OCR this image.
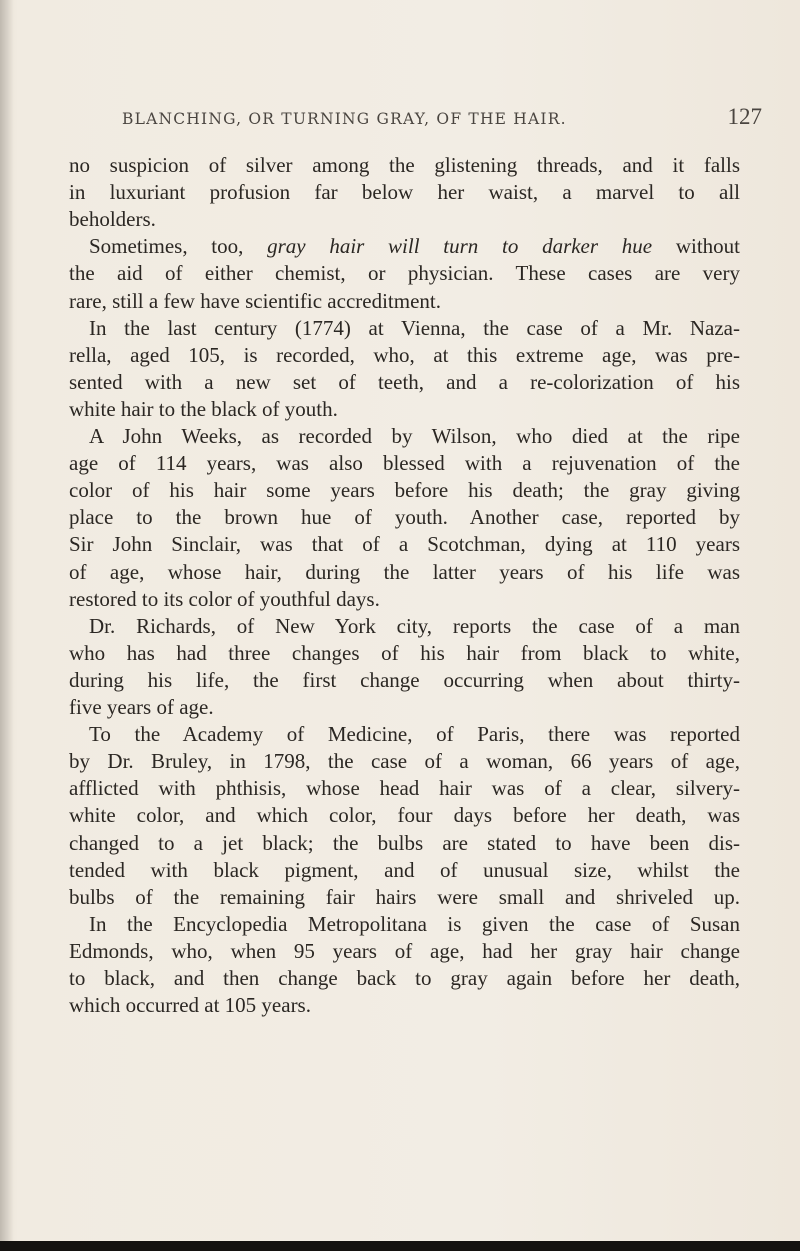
BLANCHING, OR TURNING GRAY, OF THE HAIR.	127
no suspicion of silver among the glistening threads, and it falls
in luxuriant profusion far below her waist, a marvel to all
beholders.
Sometimes, too, gray hair will turn to darker hue without
the aid of either chemist, or physician. These cases are very
rare, still a few have scientific accreditment.
In the last century (1774) at Vienna, the case of a Mr. Naza-
rella, aged 105, is recorded, who, at this extreme age, was pre-
sented with a new set of teeth, and a re-colorization of his
white hair to the black of youth.
A John Weeks, as recorded by Wilson, who died at the ripe
age of 114 years, was also blessed with a rejuvenation of the
color of his hair some years before his death; the gray giving
place to the brown hue of youth. Another case, reported by
Sir John Sinclair, was that of a Scotchman, dying at 110 years
of age, whose hair, during the latter years of his life was
restored to its color of youthful days.
Dr. Richards, of New York city, reports the case of a man
who has had three changes of his hair from black to white,
during his life, the first change occurring when about thirty-
five years of age.
To the Academy of Medicine, of Paris, there was reported
by Dr. Bruley, in 1798, the case of a woman, 66 years of age,
afflicted with phthisis, whose head hair was of a clear, silvery-
white color, and which color, four days before her death, was
changed to a jet black; the bulbs are stated to have been dis-
tended with black pigment, and of unusual size, whilst the
bulbs of the remaining fair hairs were small and shriveled up.
In the Encyclopedia Metropolitana is given the case of Susan
Edmonds, who, when 95 years of age, had her gray hair change
to black, and then change back to gray again before her death,
which occurred at 105 years.
